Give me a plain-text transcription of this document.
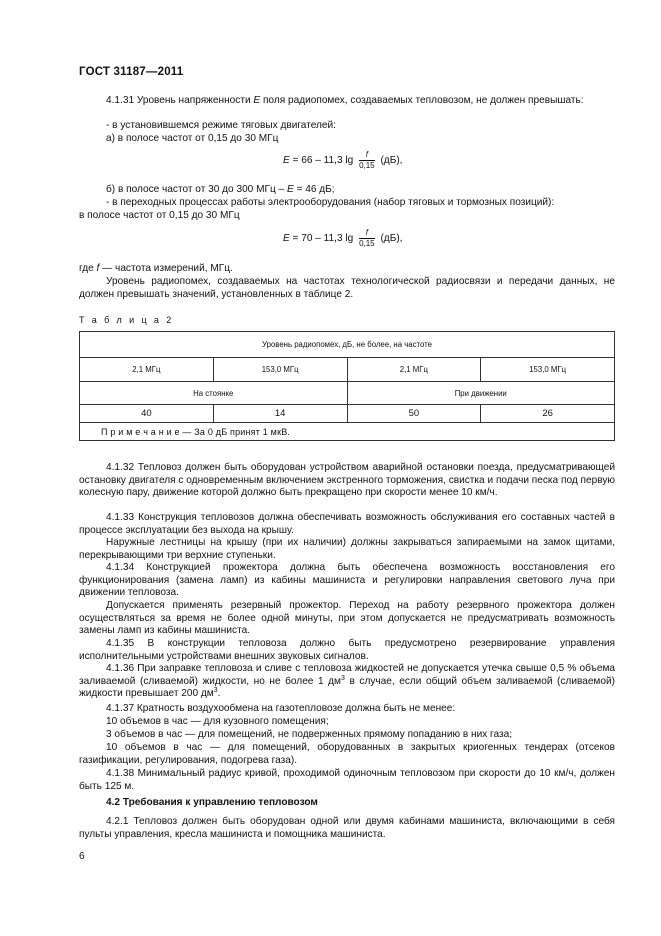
ГОСТ 31187—2011
4.1.31 Уровень напряженности E поля радиопомех, создаваемых тепловозом, не должен превышать:
- в установившемся режиме тяговых двигателей:
а) в полосе частот от 0,15 до 30 МГц
E = 66 – 11,3 $\lg \frac{f}{0,15} (дБ)$,
б) в полосе частот от 30 до 300 МГц – E = 46 дБ;
- в переходных процессах работы электрооборудования (набор тяговых и тормозных позиций):
в полосе частот от 0,15 до 30 МГц
E = 70 – 11,3 $\lg \frac{f}{0,15} (дБ)$,
где f — частота измерений, МГц.
Уровень радиопомех, создаваемых на частотах технологической радиосвязи и передачи данных, не должен превышать значений, установленных в таблице 2.
Т а б л и ц а 2
Уровень радиопомех, дБ, не более, на частоте			
2,1 МГц	153,0 МГц	2,1 МГц	153,0 МГц
На стоянке		При движении	
40	14	50	26
П р и м е ч а н и е — За 0 дБ принят 1 мкВ.			
4.1.32 Тепловоз должен быть оборудован устройством аварийной остановки поезда, предусматривающей остановку двигателя с одновременным включением экстренного торможения, свистка и подачи песка под первую колесную пару, движение которой должно быть прекращено при скорости менее 10 км/ч.
4.1.33 Конструкция тепловозов должна обеспечивать возможность обслуживания его составных частей в процессе эксплуатации без выхода на крышу.
Наружные лестницы на крышу (при их наличии) должны закрываться запираемыми на замок щитами, перекрывающими три верхние ступеньки.
4.1.34 Конструкцией прожектора должна быть обеспечена возможность восстановления его функционирования (замена ламп) из кабины машиниста и регулировки направления светового луча при движении тепловоза.
Допускается применять резервный прожектор. Переход на работу резервного прожектора должен осуществляться за время не более одной минуты, при этом допускается не предусматривать возможность замены ламп из кабины машиниста.
4.1.35 В конструкции тепловоза должно быть предусмотрено резервирование управления исполнительными устройствами внешних звуковых сигналов.
4.1.36 При заправке тепловоза и сливе с тепловоза жидкостей не допускается утечка свыше 0,5 % объема заливаемой (сливаемой) жидкости, но не более 1 $дм^3$ в случае, если общий объем заливаемой (сливаемой) жидкости превышает 200 $дм^3$.
4.1.37 Кратность воздухообмена на газотепловозе должна быть не менее:
10 объемов в час — для кузовного помещения;
3 объемов в час — для помещений, не подверженных прямому попаданию в них газа;
10 объемов в час — для помещений, оборудованных в закрытых криогенных тендерах (отсеков газификации, регулирования, подогрева газа).
4.1.38 Минимальный радиус кривой, проходимой одиночным тепловозом при скорости до 10 км/ч, должен быть 125 м.
4.2 Требования к управлению тепловозом
4.2.1 Тепловоз должен быть оборудован одной или двумя кабинами машиниста, включающими в себя пульты управления, кресла машиниста и помощника машиниста.
6
